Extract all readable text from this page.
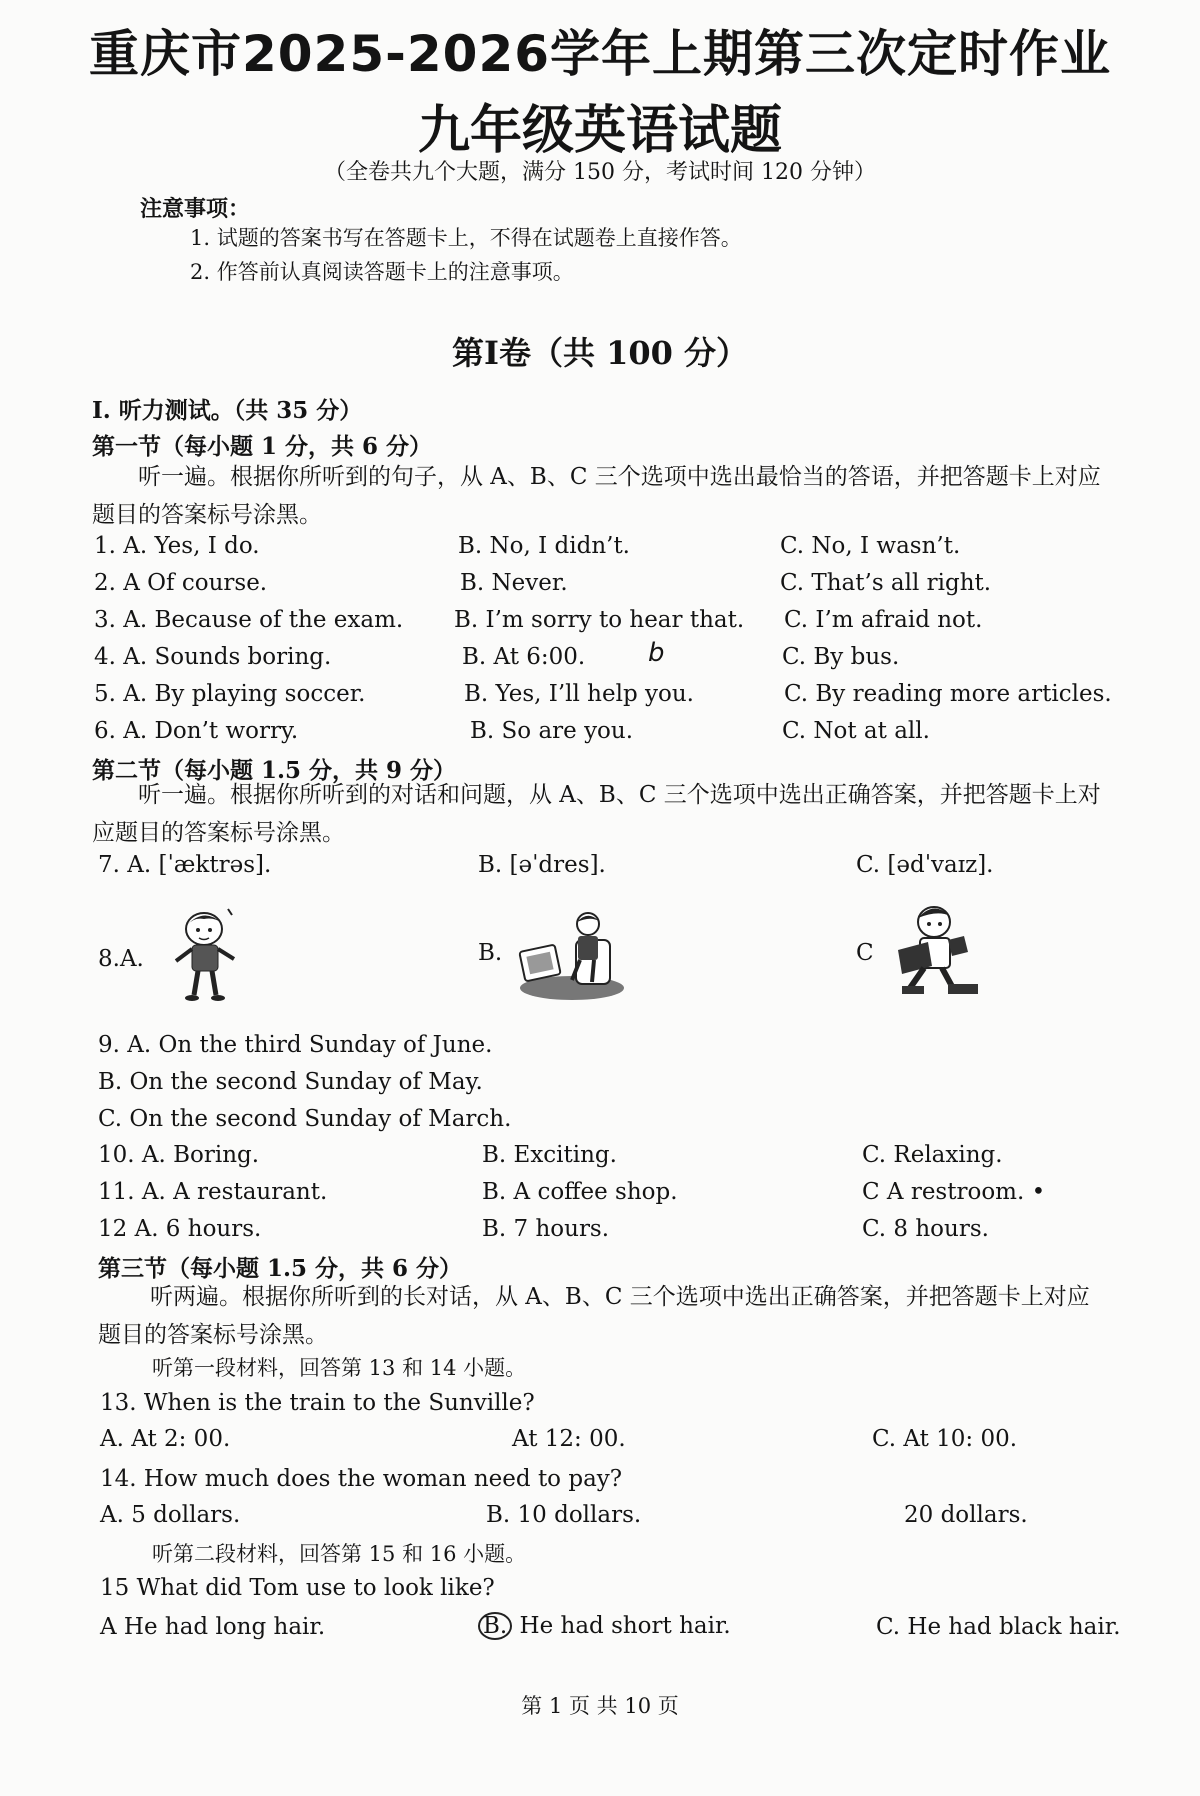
重庆市2025-2026学年上期第三次定时作业
九年级英语试题
（全卷共九个大题，满分 150 分，考试时间 120 分钟）
注意事项：
1. 试题的答案书写在答题卡上，不得在试题卷上直接作答。
2. 作答前认真阅读答题卡上的注意事项。
第Ⅰ卷（共 100 分）
I. 听力测试。（共 35 分）
第一节（每小题 1 分，共 6 分）
听一遍。根据你所听到的句子，从 A、B、C 三个选项中选出最恰当的答语，并把答题卡上对应题目的答案标号涂黑。
1. A. Yes, I do.	B. No, I didn’t.	C. No, I wasn’t.
2. A Of course.	B. Never.	C. That’s all right.
3. A. Because of the exam. B. I’m sorry to hear that. C. I’m afraid not.
4. A. Sounds boring.	B. At 6:00. b	C. By bus.
5. A. By playing soccer.	B. Yes, I’ll help you.	C. By reading more articles.
6. A. Don’t worry.	B. So are you.	C. Not at all.
第二节（每小题 1.5 分，共 9 分）
听一遍。根据你所听到的对话和问题，从 A、B、C 三个选项中选出正确答案，并把答题卡上对应题目的答案标号涂黑。
7. A. [ˈæktrəs].	B. [əˈdres].	C. [ədˈvaɪz].
8.A.	B.	C
9. A. On the third Sunday of June.
B. On the second Sunday of May.
C. On the second Sunday of March.
10. A. Boring.	B. Exciting.	C. Relaxing.
11. A. A restaurant.	B. A coffee shop.	C A restroom. •
12 A. 6 hours.	B. 7 hours.	C. 8 hours.
第三节（每小题 1.5 分，共 6 分）
听两遍。根据你所听到的长对话，从 A、B、C 三个选项中选出正确答案，并把答题卡上对应题目的答案标号涂黑。
听第一段材料，回答第 13 和 14 小题。
13. When is the train to the Sunville?
A. At 2: 00.	At 12: 00.	C. At 10: 00.
14. How much does the woman need to pay?
A. 5 dollars.	B. 10 dollars.	20 dollars.
听第二段材料，回答第 15 和 16 小题。
15 What did Tom use to look like?
A He had long hair.	B. He had short hair.	C. He had black hair.
第 1 页 共 10 页
